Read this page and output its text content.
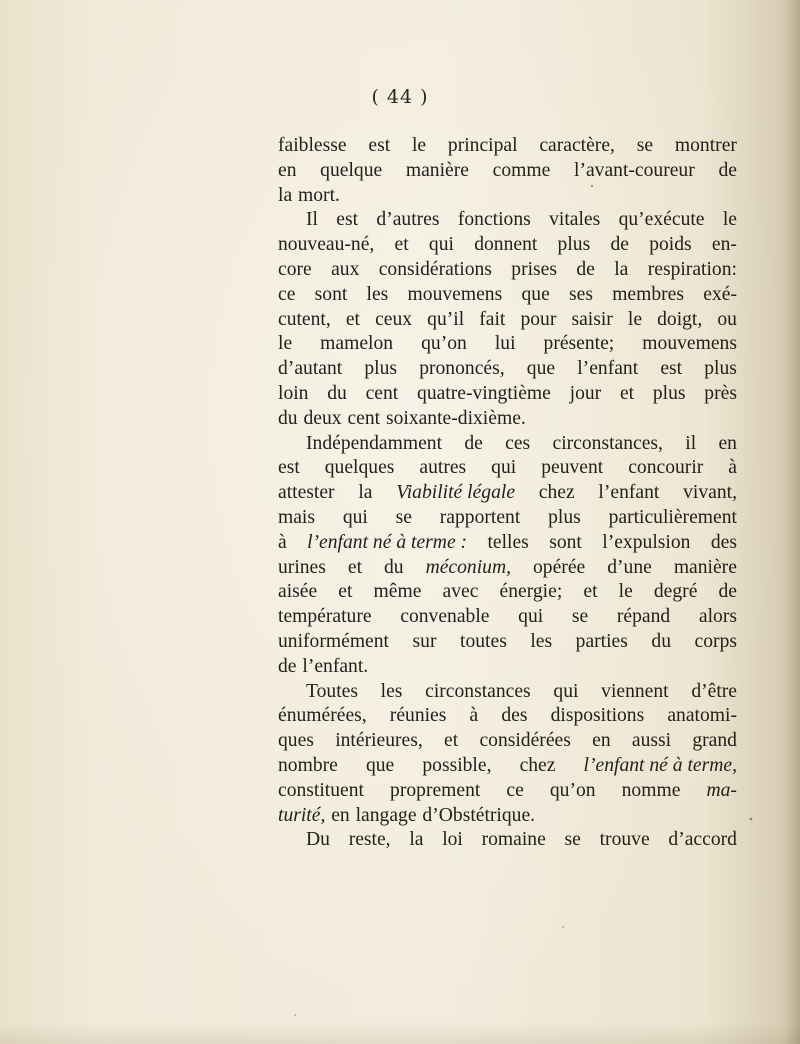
( 44 )
faiblesse est le principal caractère, se montrer
en quelque manière comme l’avant-coureur de
la mort.
Il est d’autres fonctions vitales qu’exécute le
nouveau-né, et qui donnent plus de poids en-
core aux considérations prises de la respiration:
ce sont les mouvemens que ses membres exé-
cutent, et ceux qu’il fait pour saisir le doigt, ou
le mamelon qu’on lui présente; mouvemens
d’autant plus prononcés, que l’enfant est plus
loin du cent quatre-vingtième jour et plus près
du deux cent soixante-dixième.
Indépendamment de ces circonstances, il en
est quelques autres qui peuvent concourir à
attester la Viabilité légale chez l’enfant vivant,
mais qui se rapportent plus particulièrement
à l’enfant né à terme : telles sont l’expulsion des
urines et du méconium, opérée d’une manière
aisée et même avec énergie; et le degré de
température convenable qui se répand alors
uniformément sur toutes les parties du corps
de l’enfant.
Toutes les circonstances qui viennent d’être
énumérées, réunies à des dispositions anatomi-
ques intérieures, et considérées en aussi grand
nombre que possible, chez l’enfant né à terme,
constituent proprement ce qu’on nomme ma-
turité, en langage d’Obstétrique.
Du reste, la loi romaine se trouve d’accord
